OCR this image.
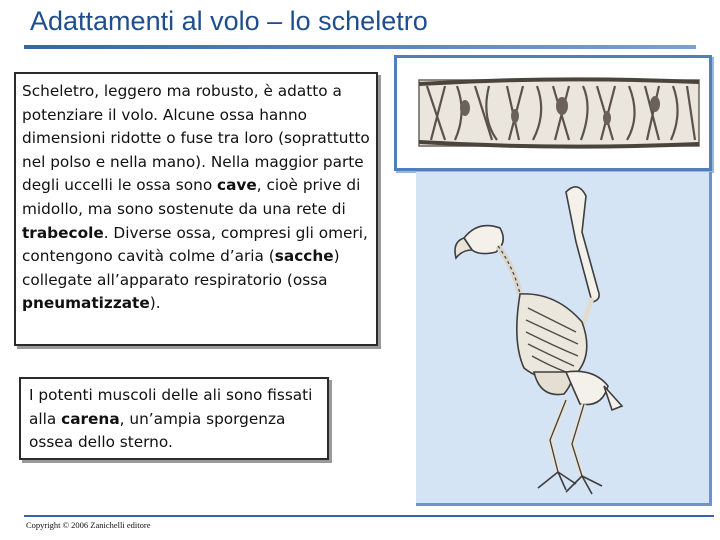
Adattamenti al volo – lo scheletro

Scheletro, leggero ma robusto, è adatto a potenziare il volo. Alcune ossa hanno dimensioni ridotte o fuse tra loro (soprattutto nel polso e nella mano). Nella maggior parte degli uccelli le ossa sono cave, cioè prive di midollo, ma sono sostenute da una rete di trabecole. Diverse ossa, compresi gli omeri, contengono cavità colme d’aria (sacche) collegate all’apparato respiratorio (ossa pneumatizzate).

I potenti muscoli delle ali sono fissati alla carena, un’ampia sporgenza ossea dello sterno.

Copyright © 2006 Zanichelli editore
